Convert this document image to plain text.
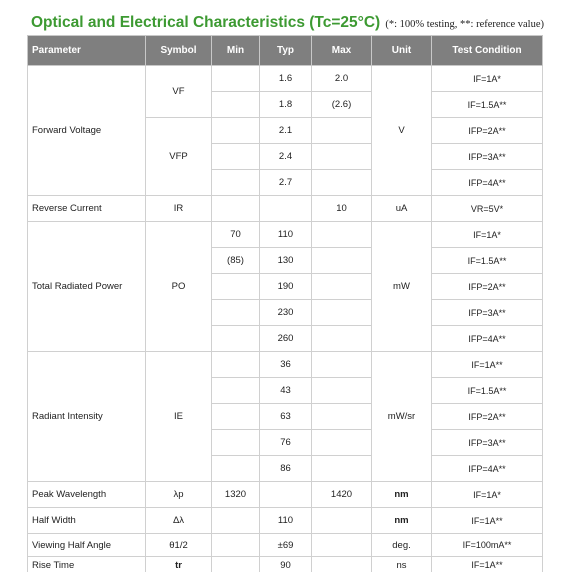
Optical and Electrical Characteristics (Tc=25°C) (*: 100% testing, **: reference value)
Parameter	Symbol	Min	Typ	Max	Unit	Test Condition
Forward Voltage	VF		1.6	2.0	V	IF=1A*
			1.8	(2.6)		IF=1.5A**
	VFP		2.1			IFP=2A**
			2.4			IFP=3A**
			2.7			IFP=4A**
Reverse Current	IR			10	uA	VR=5V*
Total Radiated Power	PO	70	110		mW	IF=1A*
		(85)	130			IF=1.5A**
			190			IFP=2A**
			230			IFP=3A**
			260			IFP=4A**
Radiant Intensity	IE		36		mW/sr	IF=1A**
			43			IF=1.5A**
			63			IFP=2A**
			76			IFP=3A**
			86			IFP=4A**
Peak Wavelength	λp	1320		1420	nm	IF=1A*
Half Width	Δλ		110		nm	IF=1A**
Viewing Half Angle	θ1/2		±69		deg.	IF=100mA**
Rise Time	tr		90		ns	IF=1A**
